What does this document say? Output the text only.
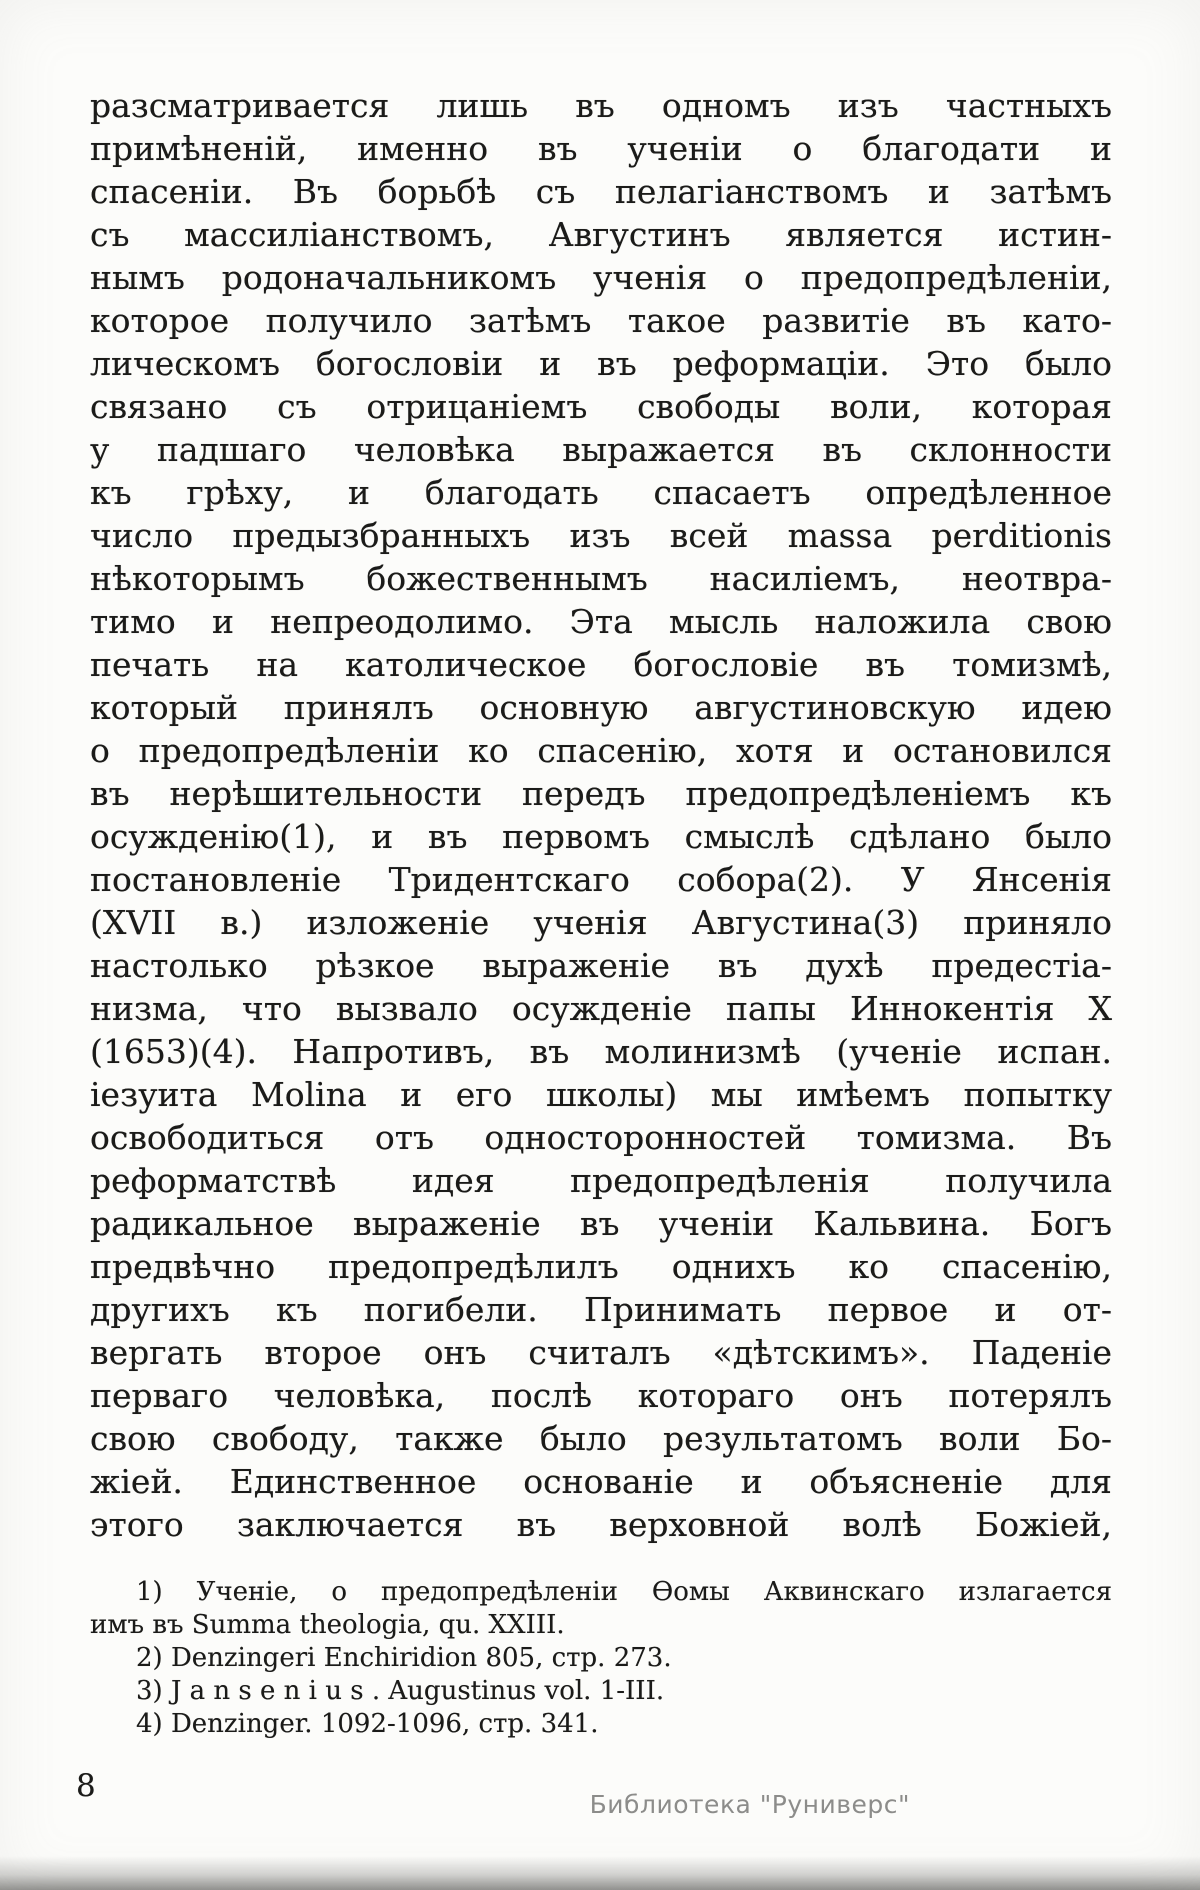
разсматривается лишь въ одномъ изъ частныхъ
примѣненій, именно въ ученіи о благодати и
спасеніи. Въ борьбѣ съ пелагіанствомъ и затѣмъ
съ массиліанствомъ, Августинъ является истин-
нымъ родоначальникомъ ученія о предопредѣленіи,
которое получило затѣмъ такое развитіе въ като-
лическомъ богословіи и въ реформаціи. Это было
связано съ отрицаніемъ свободы воли, которая
у падшаго человѣка выражается въ склонности
къ грѣху, и благодать спасаетъ опредѣленное
число предызбранныхъ изъ всей massa perditionis
нѣкоторымъ божественнымъ насиліемъ, неотвра-
тимо и непреодолимо. Эта мысль наложила свою
печать на католическое богословіе въ томизмѣ,
который принялъ основную августиновскую идею
о предопредѣленіи ко спасенію, хотя и остановился
въ нерѣшительности передъ предопредѣленіемъ къ
осужденію(1), и въ первомъ смыслѣ сдѣлано было
постановленіе Тридентскаго собора(2). У Янсенія
(XVII в.) изложеніе ученія Августина(3) приняло
настолько рѣзкое выраженіе въ духѣ предестіа-
низма, что вызвало осужденіе папы Иннокентія X
(1653)(4). Напротивъ, въ молинизмѣ (ученіе испан.
іезуита Molina и его школы) мы имѣемъ попытку
освободиться отъ односторонностей томизма. Въ
реформатствѣ идея предопредѣленія получила
радикальное выраженіе въ ученіи Кальвина. Богъ
предвѣчно предопредѣлилъ однихъ ко спасенію,
другихъ къ погибели. Принимать первое и от-
вергать второе онъ считалъ «дѣтскимъ». Паденіе
перваго человѣка, послѣ котораго онъ потерялъ
свою свободу, также было результатомъ воли Бо-
жіей. Единственное основаніе и объясненіе для
этого заключается въ верховной волѣ Божіей,
1) Ученіе, о предопредѣленіи Ѳомы Аквинскаго излагается
имъ въ Summa theologia, qu. XXIII.
2) Denzingeri Enchiridion 805, стр. 273.
3) J a n s e n i u s . Augustinus vol. 1-III.
4) Denzinger. 1092-1096, стр. 341.
8
Библиотека "Руниверс"
